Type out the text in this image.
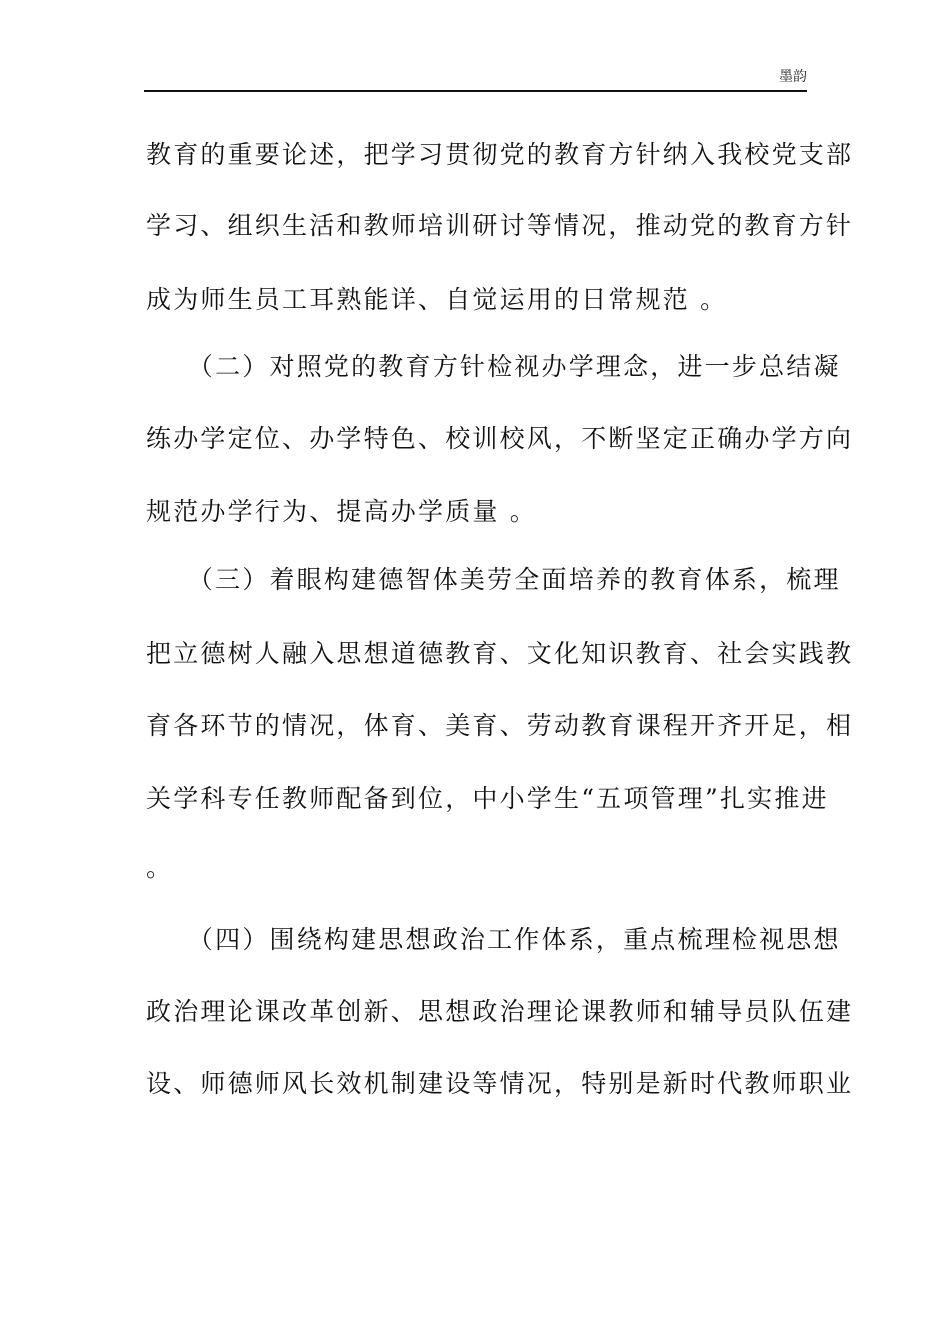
墨韵
教育的重要论述，把学习贯彻党的教育方针纳入我校党支部
学习、组织生活和教师培训研讨等情况，推动党的教育方针
成为师生员工耳熟能详、自觉运用的日常规范 。
　　（二）对照党的教育方针检视办学理念，进一步总结凝
练办学定位、办学特色、校训校风，不断坚定正确办学方向
规范办学行为、提高办学质量 。
　　（三）着眼构建德智体美劳全面培养的教育体系，梳理
把立德树人融入思想道德教育、文化知识教育、社会实践教
育各环节的情况，体育、美育、劳动教育课程开齐开足，相
关学科专任教师配备到位，中小学生“五项管理”扎实推进
。
　　（四）围绕构建思想政治工作体系，重点梳理检视思想
政治理论课改革创新、思想政治理论课教师和辅导员队伍建
设、师德师风长效机制建设等情况，特别是新时代教师职业
